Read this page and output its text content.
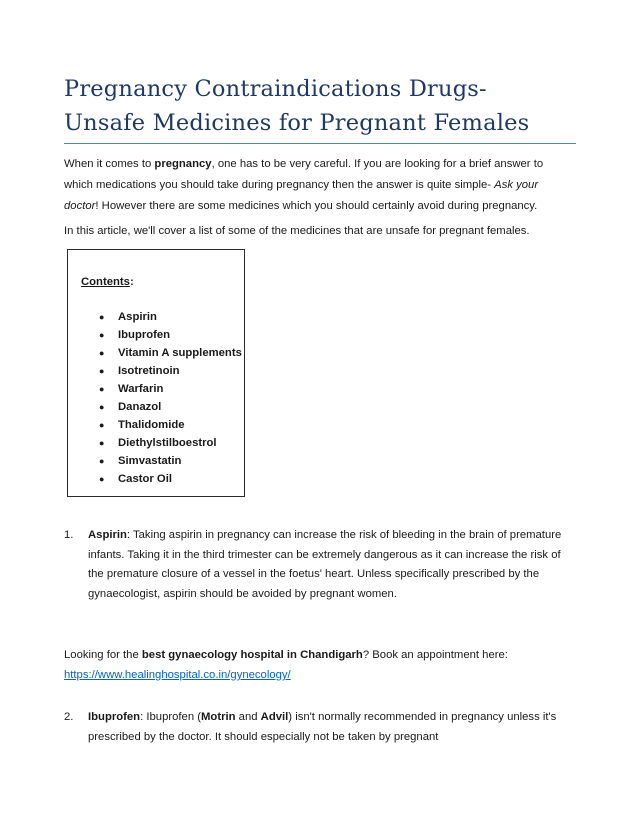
Pregnancy Contraindications Drugs-
Unsafe Medicines for Pregnant Females
When it comes to pregnancy, one has to be very careful. If you are looking for a brief answer to which medications you should take during pregnancy then the answer is quite simple- Ask your doctor! However there are some medicines which you should certainly avoid during pregnancy.
In this article, we'll cover a list of some of the medicines that are unsafe for pregnant females.
Contents:
● Aspirin
● Ibuprofen
● Vitamin A supplements
● Isotretinoin
● Warfarin
● Danazol
● Thalidomide
● Diethylstilboestrol
● Simvastatin
● Castor Oil
1. Aspirin: Taking aspirin in pregnancy can increase the risk of bleeding in the brain of premature infants. Taking it in the third trimester can be extremely dangerous as it can increase the risk of the premature closure of a vessel in the foetus' heart. Unless specifically prescribed by the gynaecologist, aspirin should be avoided by pregnant women.
Looking for the best gynaecology hospital in Chandigarh? Book an appointment here:
https://www.healinghospital.co.in/gynecology/
2. Ibuprofen: Ibuprofen (Motrin and Advil) isn't normally recommended in pregnancy unless it's prescribed by the doctor. It should especially not be taken by pregnant
